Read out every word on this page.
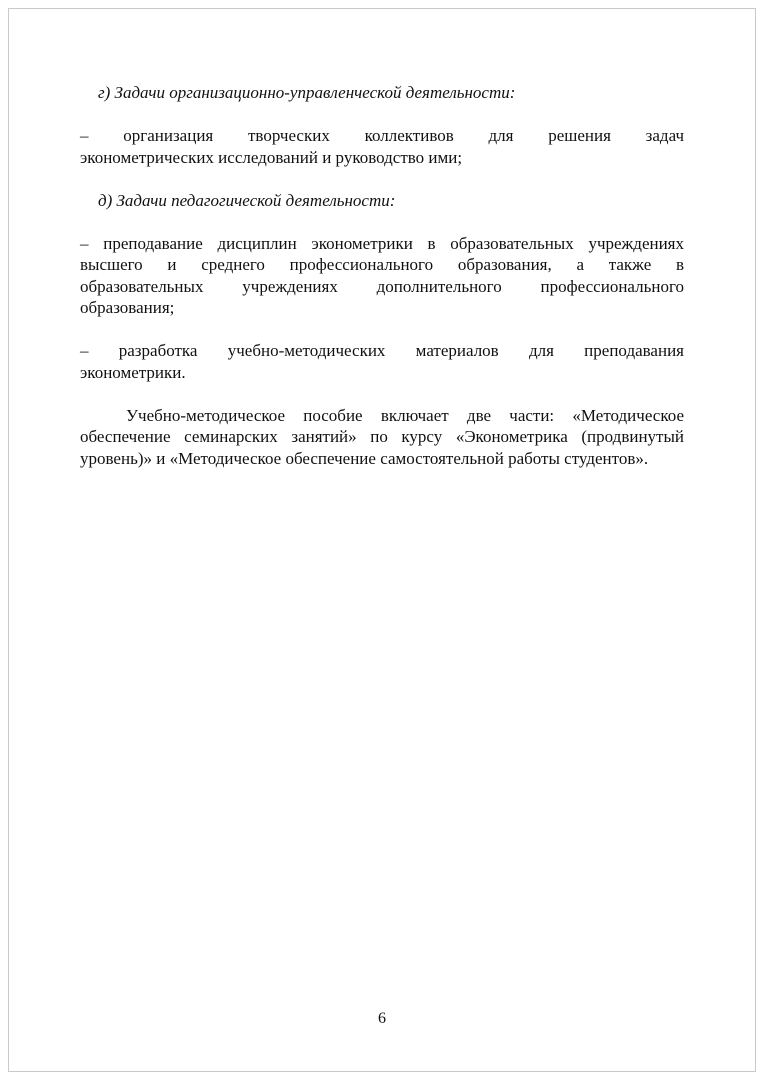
г) Задачи организационно-управленческой деятельности:
– организация творческих коллективов для решения задач
эконометрических исследований и руководство ими;
д) Задачи педагогической деятельности:
– преподавание дисциплин эконометрики в образовательных учреждениях
высшего и среднего профессионального образования, а также в
образовательных учреждениях дополнительного профессионального
образования;
– разработка учебно-методических материалов для преподавания
эконометрики.
Учебно-методическое пособие включает две части: «Методическое
обеспечение семинарских занятий» по курсу «Эконометрика (продвинутый
уровень)» и «Методическое обеспечение самостоятельной работы студентов».
6
